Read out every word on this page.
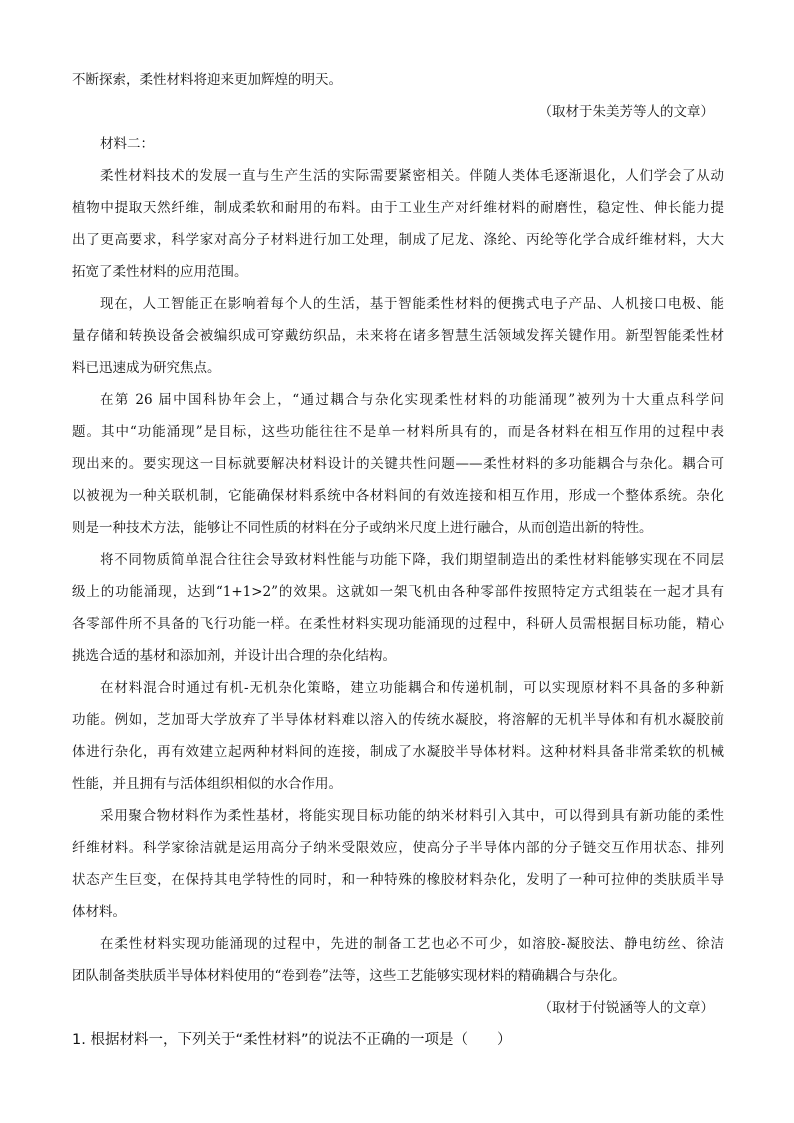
不断探索，柔性材料将迎来更加辉煌的明天。
（取材于朱美芳等人的文章）
材料二：
柔性材料技术的发展一直与生产生活的实际需要紧密相关。伴随人类体毛逐渐退化，人们学会了从动
植物中提取天然纤维，制成柔软和耐用的布料。由于工业生产对纤维材料的耐磨性，稳定性、伸长能力提
出了更高要求，科学家对高分子材料进行加工处理，制成了尼龙、涤纶、丙纶等化学合成纤维材料，大大
拓宽了柔性材料的应用范围。
现在，人工智能正在影响着每个人的生活，基于智能柔性材料的便携式电子产品、人机接口电极、能
量存储和转换设备会被编织成可穿戴纺织品，未来将在诸多智慧生活领域发挥关键作用。新型智能柔性材
料已迅速成为研究焦点。
在第 26 届中国科协年会上，“通过耦合与杂化实现柔性材料的功能涌现”被列为十大重点科学问
题。其中“功能涌现”是目标，这些功能往往不是单一材料所具有的，而是各材料在相互作用的过程中表
现出来的。要实现这一目标就要解决材料设计的关键共性问题——柔性材料的多功能耦合与杂化。耦合可
以被视为一种关联机制，它能确保材料系统中各材料间的有效连接和相互作用，形成一个整体系统。杂化
则是一种技术方法，能够让不同性质的材料在分子或纳米尺度上进行融合，从而创造出新的特性。
将不同物质简单混合往往会导致材料性能与功能下降，我们期望制造出的柔性材料能够实现在不同层
级上的功能涌现，达到“1+1>2”的效果。这就如一架飞机由各种零部件按照特定方式组装在一起才具有
各零部件所不具备的飞行功能一样。在柔性材料实现功能涌现的过程中，科研人员需根据目标功能，精心
挑选合适的基材和添加剂，并设计出合理的杂化结构。
在材料混合时通过有机-无机杂化策略，建立功能耦合和传递机制，可以实现原材料不具备的多种新
功能。例如，芝加哥大学放弃了半导体材料难以溶入的传统水凝胶，将溶解的无机半导体和有机水凝胶前
体进行杂化，再有效建立起两种材料间的连接，制成了水凝胶半导体材料。这种材料具备非常柔软的机械
性能，并且拥有与活体组织相似的水合作用。
采用聚合物材料作为柔性基材，将能实现目标功能的纳米材料引入其中，可以得到具有新功能的柔性
纤维材料。科学家徐洁就是运用高分子纳米受限效应，使高分子半导体内部的分子链交互作用状态、排列
状态产生巨变，在保持其电学特性的同时，和一种特殊的橡胶材料杂化，发明了一种可拉伸的类肤质半导
体材料。
在柔性材料实现功能涌现的过程中，先进的制备工艺也必不可少，如溶胶-凝胶法、静电纺丝、徐洁
团队制备类肤质半导体材料使用的“卷到卷”法等，这些工艺能够实现材料的精确耦合与杂化。
（取材于付锐涵等人的文章）
1. 根据材料一，下列关于“柔性材料”的说法不正确的一项是（　　）
